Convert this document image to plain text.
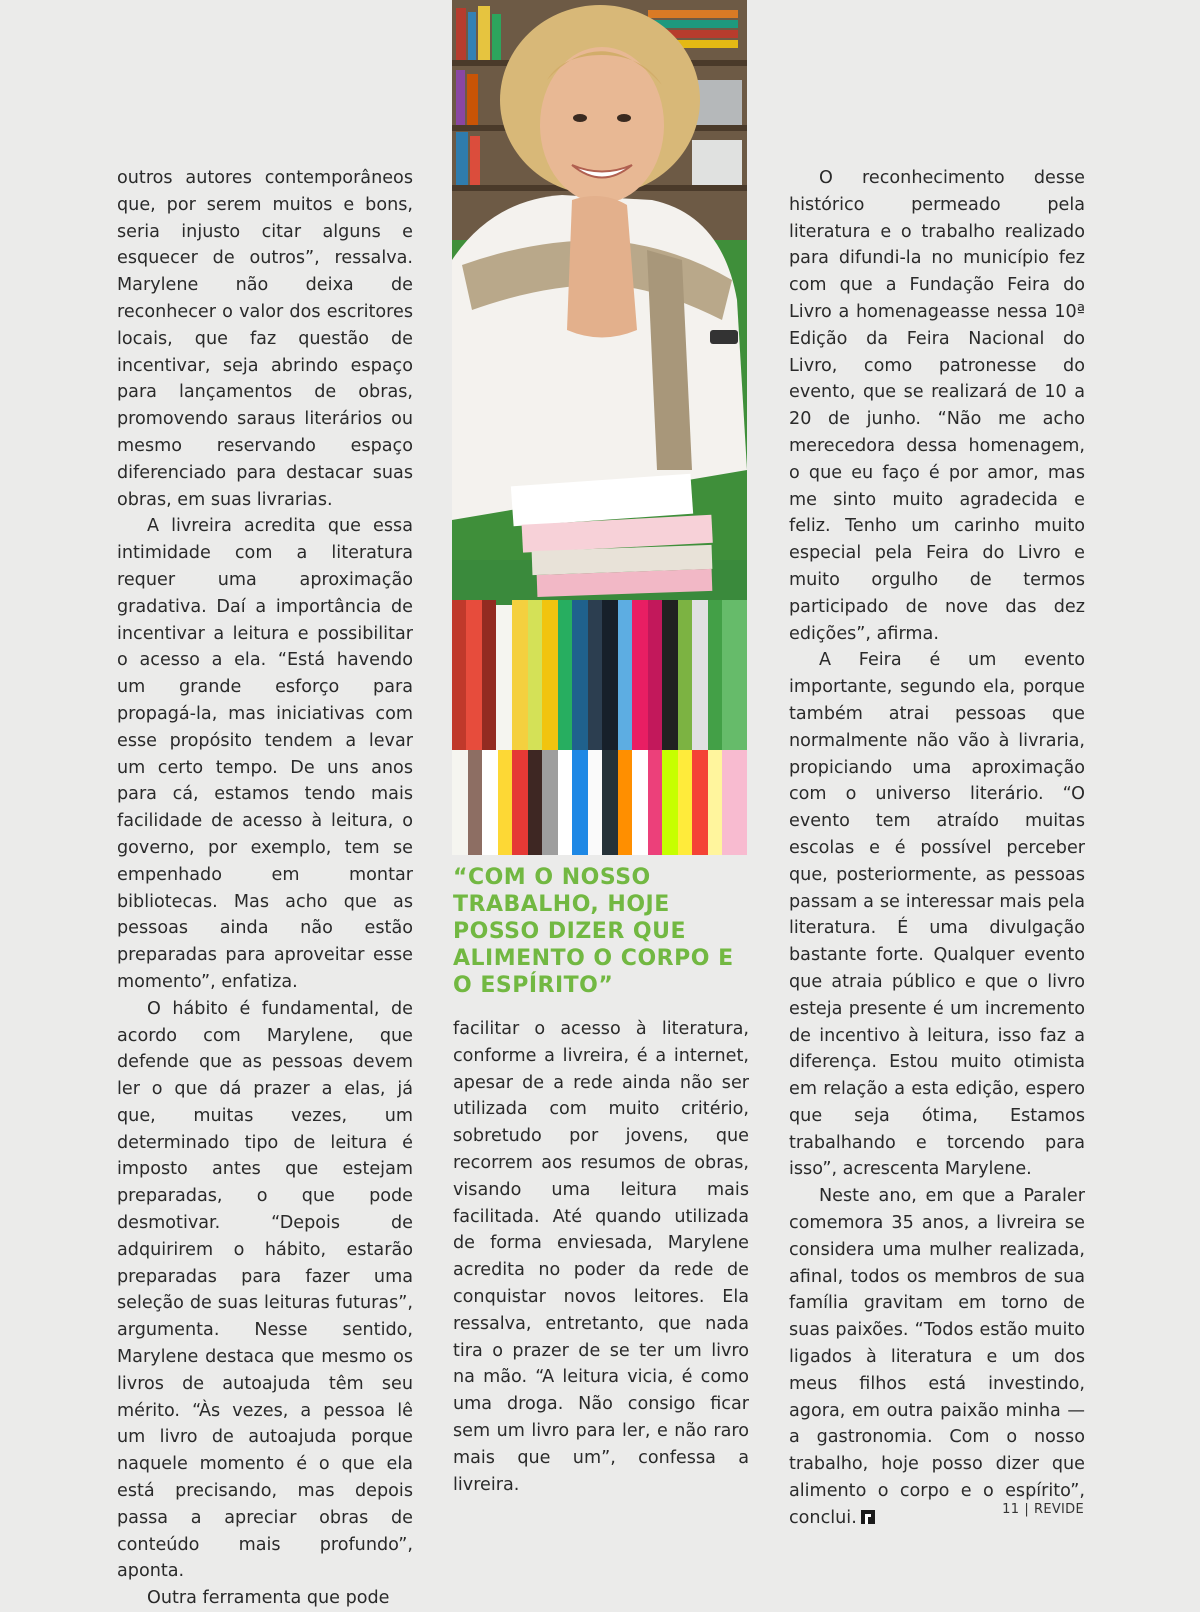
outros autores contemporâneos que, por serem muitos e bons, seria injusto citar alguns e esquecer de outros”, ressalva. Marylene não deixa de reconhecer o valor dos escritores locais, que faz questão de incentivar, seja abrindo espaço para lançamentos de obras, promovendo saraus literários ou mesmo reservando espaço diferenciado para destacar suas obras, em suas livrarias.

A livreira acredita que essa intimidade com a literatura requer uma aproximação gradativa. Daí a importância de incentivar a leitura e possibilitar o acesso a ela. “Está havendo um grande esforço para propagá-la, mas iniciativas com esse propósito tendem a levar um certo tempo. De uns anos para cá, estamos tendo mais facilidade de acesso à leitura, o governo, por exemplo, tem se empenhado em montar bibliotecas. Mas acho que as pessoas ainda não estão preparadas para aproveitar esse momento”, enfatiza.

O hábito é fundamental, de acordo com Marylene, que defende que as pessoas devem ler o que dá prazer a elas, já que, muitas vezes, um determinado tipo de leitura é imposto antes que estejam preparadas, o que pode desmotivar. “Depois de adquirirem o hábito, estarão preparadas para fazer uma seleção de suas leituras futuras”, argumenta. Nesse sentido, Marylene destaca que mesmo os livros de autoajuda têm seu mérito. “Às vezes, a pessoa lê um livro de autoajuda porque naquele momento é o que ela está precisando, mas depois passa a apreciar obras de conteúdo mais profundo”, aponta.

Outra ferramenta que pode

“COM O NOSSO TRABALHO, HOJE POSSO DIZER QUE ALIMENTO O CORPO E O ESPÍRITO”

facilitar o acesso à literatura, conforme a livreira, é a internet, apesar de a rede ainda não ser utilizada com muito critério, sobretudo por jovens, que recorrem aos resumos de obras, visando uma leitura mais facilitada. Até quando utilizada de forma enviesada, Marylene acredita no poder da rede de conquistar novos leitores. Ela ressalva, entretanto, que nada tira o prazer de se ter um livro na mão. “A leitura vicia, é como uma droga. Não consigo ficar sem um livro para ler, e não raro mais que um”, confessa a livreira.

O reconhecimento desse histórico permeado pela literatura e o trabalho realizado para difundi-la no município fez com que a Fundação Feira do Livro a homenageasse nessa 10ª Edição da Feira Nacional do Livro, como patronesse do evento, que se realizará de 10 a 20 de junho. “Não me acho merecedora dessa homenagem, o que eu faço é por amor, mas me sinto muito agradecida e feliz. Tenho um carinho muito especial pela Feira do Livro e muito orgulho de termos participado de nove das dez edições”, afirma.

A Feira é um evento importante, segundo ela, porque também atrai pessoas que normalmente não vão à livraria, propiciando uma aproximação com o universo literário. “O evento tem atraído muitas escolas e é possível perceber que, posteriormente, as pessoas passam a se interessar mais pela literatura. É uma divulgação bastante forte. Qualquer evento que atraia público e que o livro esteja presente é um incremento de incentivo à leitura, isso faz a diferença. Estou muito otimista em relação a esta edição, espero que seja ótima, Estamos trabalhando e torcendo para isso”, acrescenta Marylene.

Neste ano, em que a Paraler comemora 35 anos, a livreira se considera uma mulher realizada, afinal, todos os membros de sua família gravitam em torno de suas paixões. “Todos estão muito ligados à literatura e um dos meus filhos está investindo, agora, em outra paixão minha — a gastronomia. Com o nosso trabalho, hoje posso dizer que alimento o corpo e o espírito”, conclui.	11 | REVIDE
